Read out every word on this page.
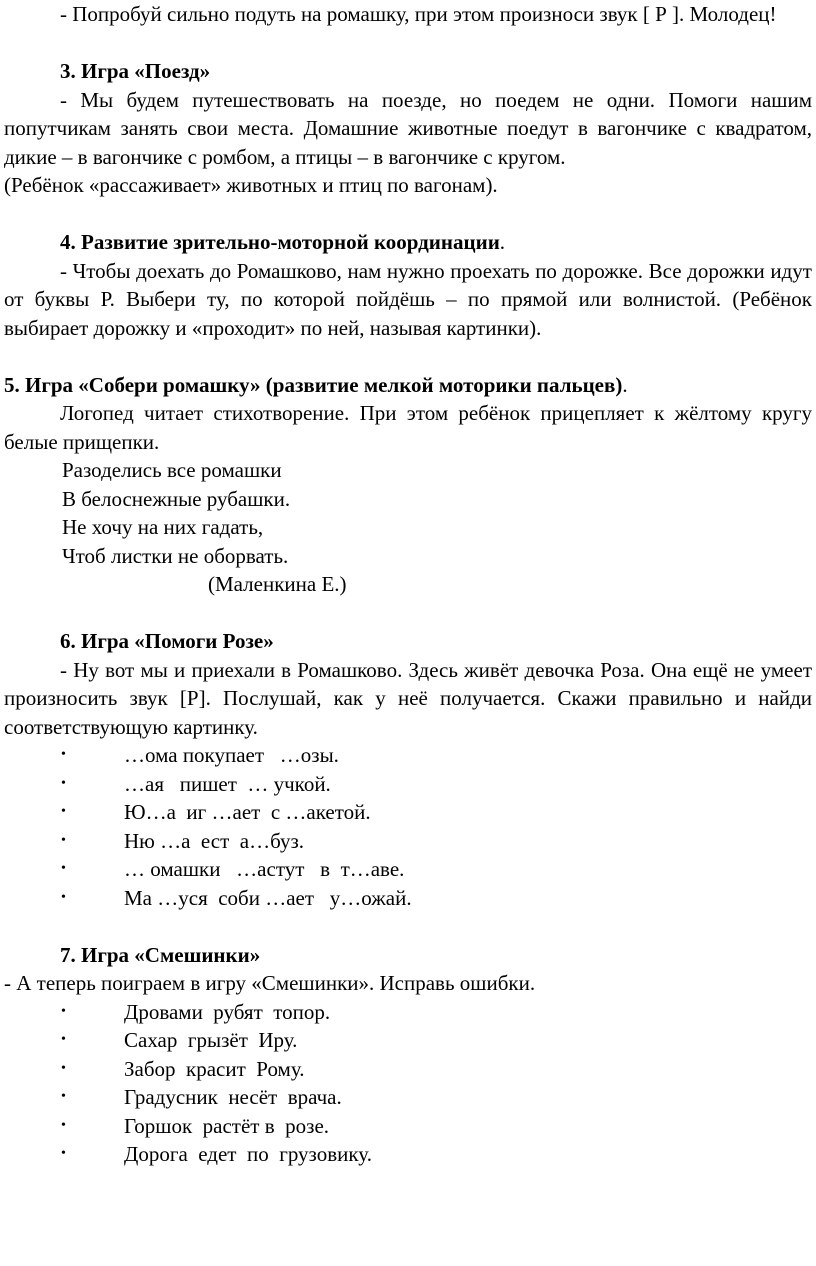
- Попробуй сильно подуть на ромашку, при этом произноси звук [ Р ]. Молодец!

3. Игра «Поезд»

- Мы будем путешествовать на поезде, но поедем не одни. Помоги нашим попутчикам занять свои места. Домашние животные поедут в вагончике с квадратом, дикие – в вагончике с ромбом, а птицы – в вагончике с кругом.

(Ребёнок «рассаживает» животных и птиц по вагонам).

4. Развитие зрительно-моторной координации.

- Чтобы доехать до Ромашково, нам нужно проехать по дорожке. Все дорожки идут от буквы Р. Выбери ту, по которой пойдёшь – по прямой или волнистой. (Ребёнок выбирает дорожку и «проходит» по ней, называя картинки).

5. Игра «Собери ромашку» (развитие мелкой моторики пальцев).

Логопед читает стихотворение. При этом ребёнок прицепляет к жёлтому кругу белые прищепки.

Разоделись все ромашки
В белоснежные рубашки.
Не хочу на них гадать,
Чтоб листки не оборвать.
(Маленкина Е.)

6. Игра «Помоги Розе»

- Ну вот мы и приехали в Ромашково. Здесь живёт девочка Роза. Она ещё не умеет произносить звук [Р]. Послушай, как у неё получается. Скажи правильно и найди соответствующую картинку.

•	…ома покупает   …озы.
•	…ая   пишет  … учкой.
•	Ю…а  иг …ает  с …акетой.
•	Ню …а  ест  а…буз.
•	… омашки   …астут   в  т…аве.
•	Ма …уся  соби …ает   у…ожай.

7. Игра «Смешинки»

- А теперь поиграем в игру «Смешинки». Исправь ошибки.

•	Дровами  рубят  топор.
•	Сахар  грызёт  Иру.
•	Забор  красит  Рому.
•	Градусник  несёт  врача.
•	Горшок  растёт в  розе.
•	Дорога  едет  по  грузовику.
